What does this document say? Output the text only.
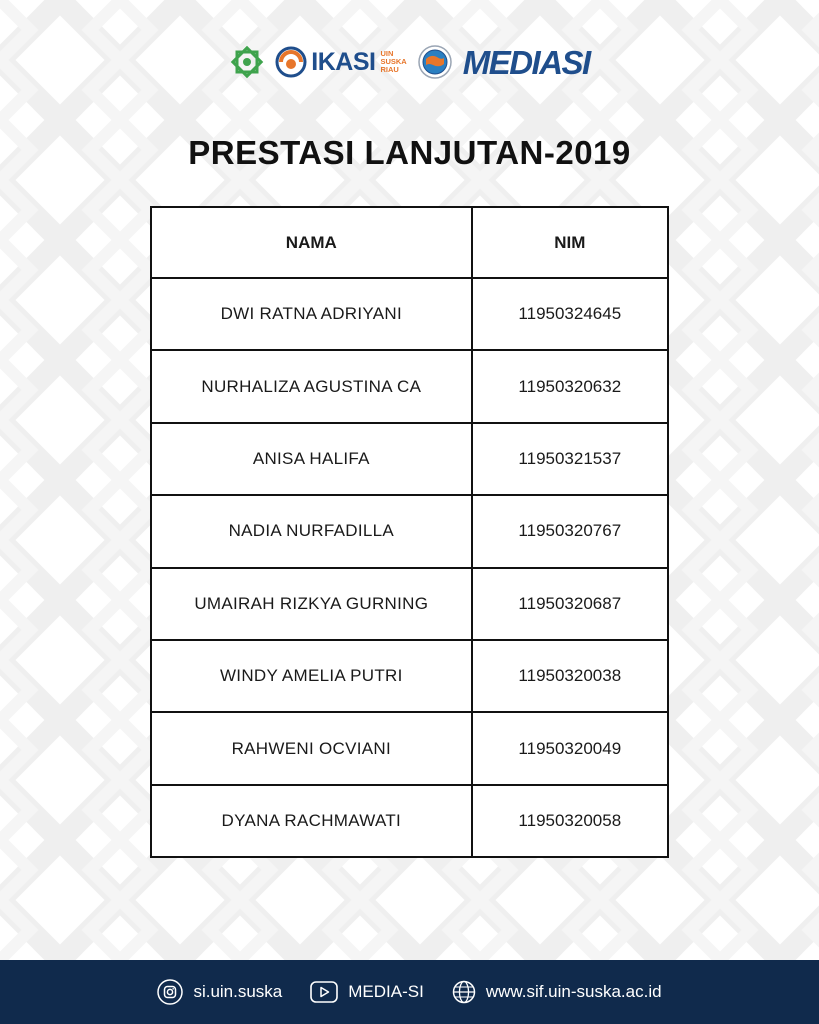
IKASI UIN
SUSKA
RIAU MEDIASI
PRESTASI LANJUTAN-2019
NAMA	NIM
DWI RATNA ADRIYANI	11950324645
NURHALIZA AGUSTINA CA	11950320632
ANISA HALIFA	11950321537
NADIA NURFADILLA	11950320767
UMAIRAH RIZKYA GURNING	11950320687
WINDY AMELIA PUTRI	11950320038
RAHWENI OCVIANI	11950320049
DYANA RACHMAWATI	11950320058
si.uin.suska	MEDIA-SI	www.sif.uin-suska.ac.id
